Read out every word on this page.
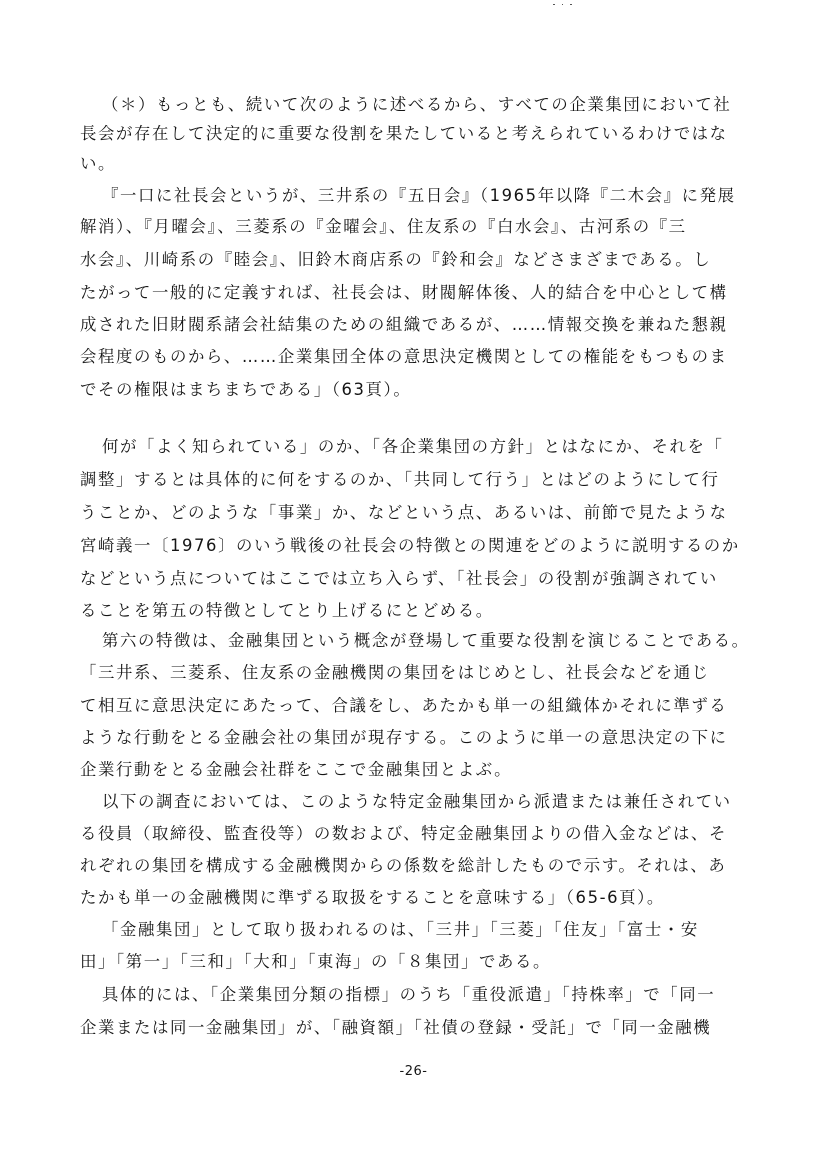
（＊）もっとも、続いて次のように述べるから、すべての企業集団において社
長会が存在して決定的に重要な役割を果たしていると考えられているわけではな
い。
『一口に社長会というが、三井系の『五日会』（1965年以降『二木会』に発展
解消）、『月曜会』、三菱系の『金曜会』、住友系の『白水会』、古河系の『三
水会』、川崎系の『睦会』、旧鈴木商店系の『鈴和会』などさまざまである。し
たがって一般的に定義すれば、社長会は、財閥解体後、人的結合を中心として構
成された旧財閥系諸会社結集のための組織であるが、……情報交換を兼ねた懇親
会程度のものから、……企業集団全体の意思決定機関としての権能をもつものま
でその権限はまちまちである」（63頁）。
何が「よく知られている」のか、「各企業集団の方針」とはなにか、それを「
調整」するとは具体的に何をするのか、「共同して行う」とはどのようにして行
うことか、どのような「事業」か、などという点、あるいは、前節で見たような
宮崎義一〔1976〕のいう戦後の社長会の特徴との関連をどのように説明するのか
などという点についてはここでは立ち入らず、「社長会」の役割が強調されてい
ることを第五の特徴としてとり上げるにとどめる。
第六の特徴は、金融集団という概念が登場して重要な役割を演じることである。
「三井系、三菱系、住友系の金融機関の集団をはじめとし、社長会などを通じ
て相互に意思決定にあたって、合議をし、あたかも単一の組織体かそれに準ずる
ような行動をとる金融会社の集団が現存する。このように単一の意思決定の下に
企業行動をとる金融会社群をここで金融集団とよぶ。
以下の調査においては、このような特定金融集団から派遣または兼任されてい
る役員（取締役、監査役等）の数および、特定金融集団よりの借入金などは、そ
れぞれの集団を構成する金融機関からの係数を総計したもので示す。それは、あ
たかも単一の金融機関に準ずる取扱をすることを意味する」（65-6頁）。
「金融集団」として取り扱われるのは、「三井」「三菱」「住友」「富士・安
田」「第一」「三和」「大和」「東海」の「８集団」である。
具体的には、「企業集団分類の指標」のうち「重役派遣」「持株率」で「同一
企業または同一金融集団」が、「融資額」「社債の登録・受託」で「同一金融機
-26-
